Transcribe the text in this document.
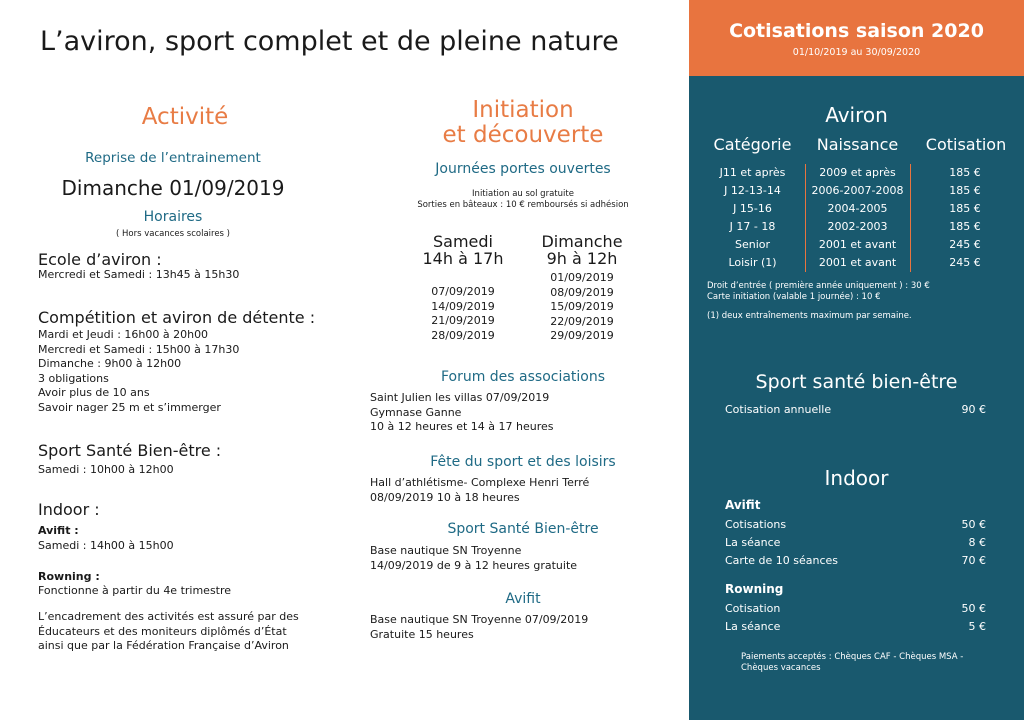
L’aviron, sport complet et de pleine nature
Activité
Reprise de l’entrainement
Dimanche 01/09/2019
Horaires
( Hors vacances scolaires )
Ecole d’aviron :
Mercredi et Samedi : 13h45 à 15h30
Compétition et aviron de détente :
Mardi et Jeudi : 16h00 à 20h00
Mercredi et Samedi : 15h00 à 17h30
Dimanche : 9h00 à 12h00
3 obligations
Avoir plus de 10 ans
Savoir nager 25 m et s’immerger
Sport Santé Bien-être :
Samedi : 10h00 à 12h00
Indoor :
Avifit :
Samedi : 14h00 à 15h00
Rowning :
Fonctionne à partir du 4e trimestre
L’encadrement des activités est assuré par des
Éducateurs et des moniteurs diplômés d’État
ainsi que par la Fédération Française d’Aviron
Initiation
et découverte
Journées portes ouvertes
Initiation au sol gratuite
Sorties en bâteaux : 10 € remboursés si adhésion
Samedi
14h à 17h
07/09/2019
14/09/2019
21/09/2019
28/09/2019
Dimanche
9h à 12h
01/09/2019
08/09/2019
15/09/2019
22/09/2019
29/09/2019
Forum des associations
Saint Julien les villas 07/09/2019
Gymnase Ganne
10 à 12 heures et 14 à 17 heures
Fête du sport et des loisirs
Hall d’athlétisme- Complexe Henri Terré
08/09/2019 10 à 18 heures
Sport Santé Bien-être
Base nautique SN Troyenne
14/09/2019 de 9 à 12 heures gratuite
Avifit
Base nautique SN Troyenne 07/09/2019
Gratuite 15 heures
Cotisations saison 2020
01/10/2019 au 30/09/2020
Aviron
Catégorie	Naissance	Cotisation
J11 et après	2009 et après	185 €
J 12-13-14	2006-2007-2008	185 €
J 15-16	2004-2005	185 €
J 17 - 18	2002-2003	185 €
Senior	2001 et avant	245 €
Loisir (1)	2001 et avant	245 €
Droit d’entrée ( première année uniquement ) : 30 €
Carte initiation (valable 1 journée) : 10 €
(1) deux entraînements maximum par semaine.
Sport santé bien-être
Cotisation annuelle	90 €
Indoor
Avifit
Cotisations	50 €
La séance	8 €
Carte de 10 séances	70 €
Rowning
Cotisation	50 €
La séance	5 €
Paiements acceptés : Chèques CAF - Chèques MSA -
Chèques vacances
